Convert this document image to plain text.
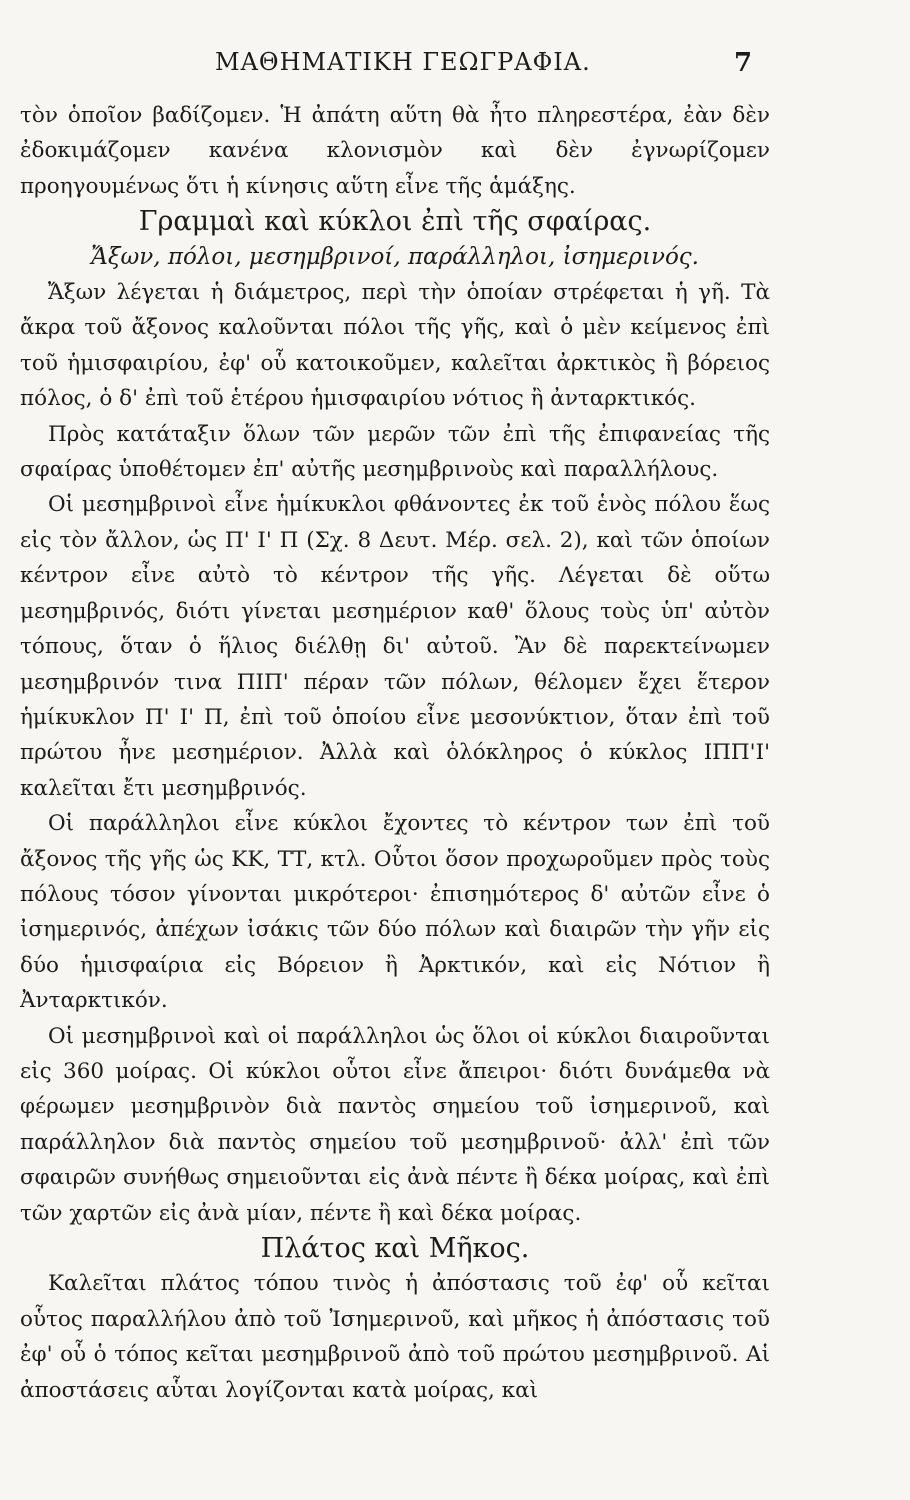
ΜΑΘΗΜΑΤΙΚΗ ΓΕΩΓΡΑΦΙΑ.	7

τὸν ὁποῖον βαδίζομεν. Ἡ ἀπάτη αὕτη θὰ ἦτο πληρεστέρα, ἐὰν δὲν ἐδοκιμάζομεν κανένα κλονισμὸν καὶ δὲν ἐγνωρίζομεν προηγουμένως ὅτι ἡ κίνησις αὕτη εἶνε τῆς ἁμάξης.

Γραμμαὶ καὶ κύκλοι ἐπὶ τῆς σφαίρας.

Ἄξων, πόλοι, μεσημβρινοί, παράλληλοι, ἰσημερινός.

Ἄξων λέγεται ἡ διάμετρος, περὶ τὴν ὁποίαν στρέφεται ἡ γῆ. Τὰ ἄκρα τοῦ ἄξονος καλοῦνται πόλοι τῆς γῆς, καὶ ὁ μὲν κείμενος ἐπὶ τοῦ ἡμισφαιρίου, ἐφ' οὗ κατοικοῦμεν, καλεῖται ἀρκτικὸς ἢ βόρειος πόλος, ὁ δ' ἐπὶ τοῦ ἑτέρου ἡμισφαιρίου νότιος ἢ ἀνταρκτικός.

Πρὸς κατάταξιν ὅλων τῶν μερῶν τῶν ἐπὶ τῆς ἐπιφανείας τῆς σφαίρας ὑποθέτομεν ἐπ' αὐτῆς μεσημβρινοὺς καὶ παραλλήλους.

Οἱ μεσημβρινοὶ εἶνε ἡμίκυκλοι φθάνοντες ἐκ τοῦ ἑνὸς πόλου ἕως εἰς τὸν ἄλλον, ὡς Π' Ι' Π (Σχ. 8 Δευτ. Μέρ. σελ. 2), καὶ τῶν ὁποίων κέντρον εἶνε αὐτὸ τὸ κέντρον τῆς γῆς. Λέγεται δὲ οὕτω μεσημβρινός, διότι γίνεται μεσημέριον καθ' ὅλους τοὺς ὑπ' αὐτὸν τόπους, ὅταν ὁ ἥλιος διέλθῃ δι' αὐτοῦ. Ἂν δὲ παρεκτείνωμεν μεσημβρινόν τινα ΠΙΠ' πέραν τῶν πόλων, θέλομεν ἔχει ἕτερον ἡμίκυκλον Π' Ι' Π, ἐπὶ τοῦ ὁποίου εἶνε μεσονύκτιον, ὅταν ἐπὶ τοῦ πρώτου ἦνε μεσημέριον. Ἀλλὰ καὶ ὁλόκληρος ὁ κύκλος ΙΠΠ'Ι' καλεῖται ἔτι μεσημβρινός.

Οἱ παράλληλοι εἶνε κύκλοι ἔχοντες τὸ κέντρον των ἐπὶ τοῦ ἄξονος τῆς γῆς ὡς ΚΚ, ΤΤ, κτλ. Οὗτοι ὅσον προχωροῦμεν πρὸς τοὺς πόλους τόσον γίνονται μικρότεροι· ἐπισημότερος δ' αὐτῶν εἶνε ὁ ἰσημερινός, ἀπέχων ἰσάκις τῶν δύο πόλων καὶ διαιρῶν τὴν γῆν εἰς δύο ἡμισφαίρια εἰς Βόρειον ἢ Ἀρκτικόν, καὶ εἰς Νότιον ἢ Ἀνταρκτικόν.

Οἱ μεσημβρινοὶ καὶ οἱ παράλληλοι ὡς ὅλοι οἱ κύκλοι διαιροῦνται εἰς 360 μοίρας. Οἱ κύκλοι οὗτοι εἶνε ἄπειροι· διότι δυνάμεθα νὰ φέρωμεν μεσημβρινὸν διὰ παντὸς σημείου τοῦ ἰσημερινοῦ, καὶ παράλληλον διὰ παντὸς σημείου τοῦ μεσημβρινοῦ· ἀλλ' ἐπὶ τῶν σφαιρῶν συνήθως σημειοῦνται εἰς ἀνὰ πέντε ἢ δέκα μοίρας, καὶ ἐπὶ τῶν χαρτῶν εἰς ἀνὰ μίαν, πέντε ἢ καὶ δέκα μοίρας.

Πλάτος καὶ Μῆκος.

Καλεῖται πλάτος τόπου τινὸς ἡ ἀπόστασις τοῦ ἐφ' οὗ κεῖται οὗτος παραλλήλου ἀπὸ τοῦ Ἰσημερινοῦ, καὶ μῆκος ἡ ἀπόστασις τοῦ ἐφ' οὗ ὁ τόπος κεῖται μεσημβρινοῦ ἀπὸ τοῦ πρώτου μεσημβρινοῦ. Αἱ ἀποστάσεις αὗται λογίζονται κατὰ μοίρας, καὶ
